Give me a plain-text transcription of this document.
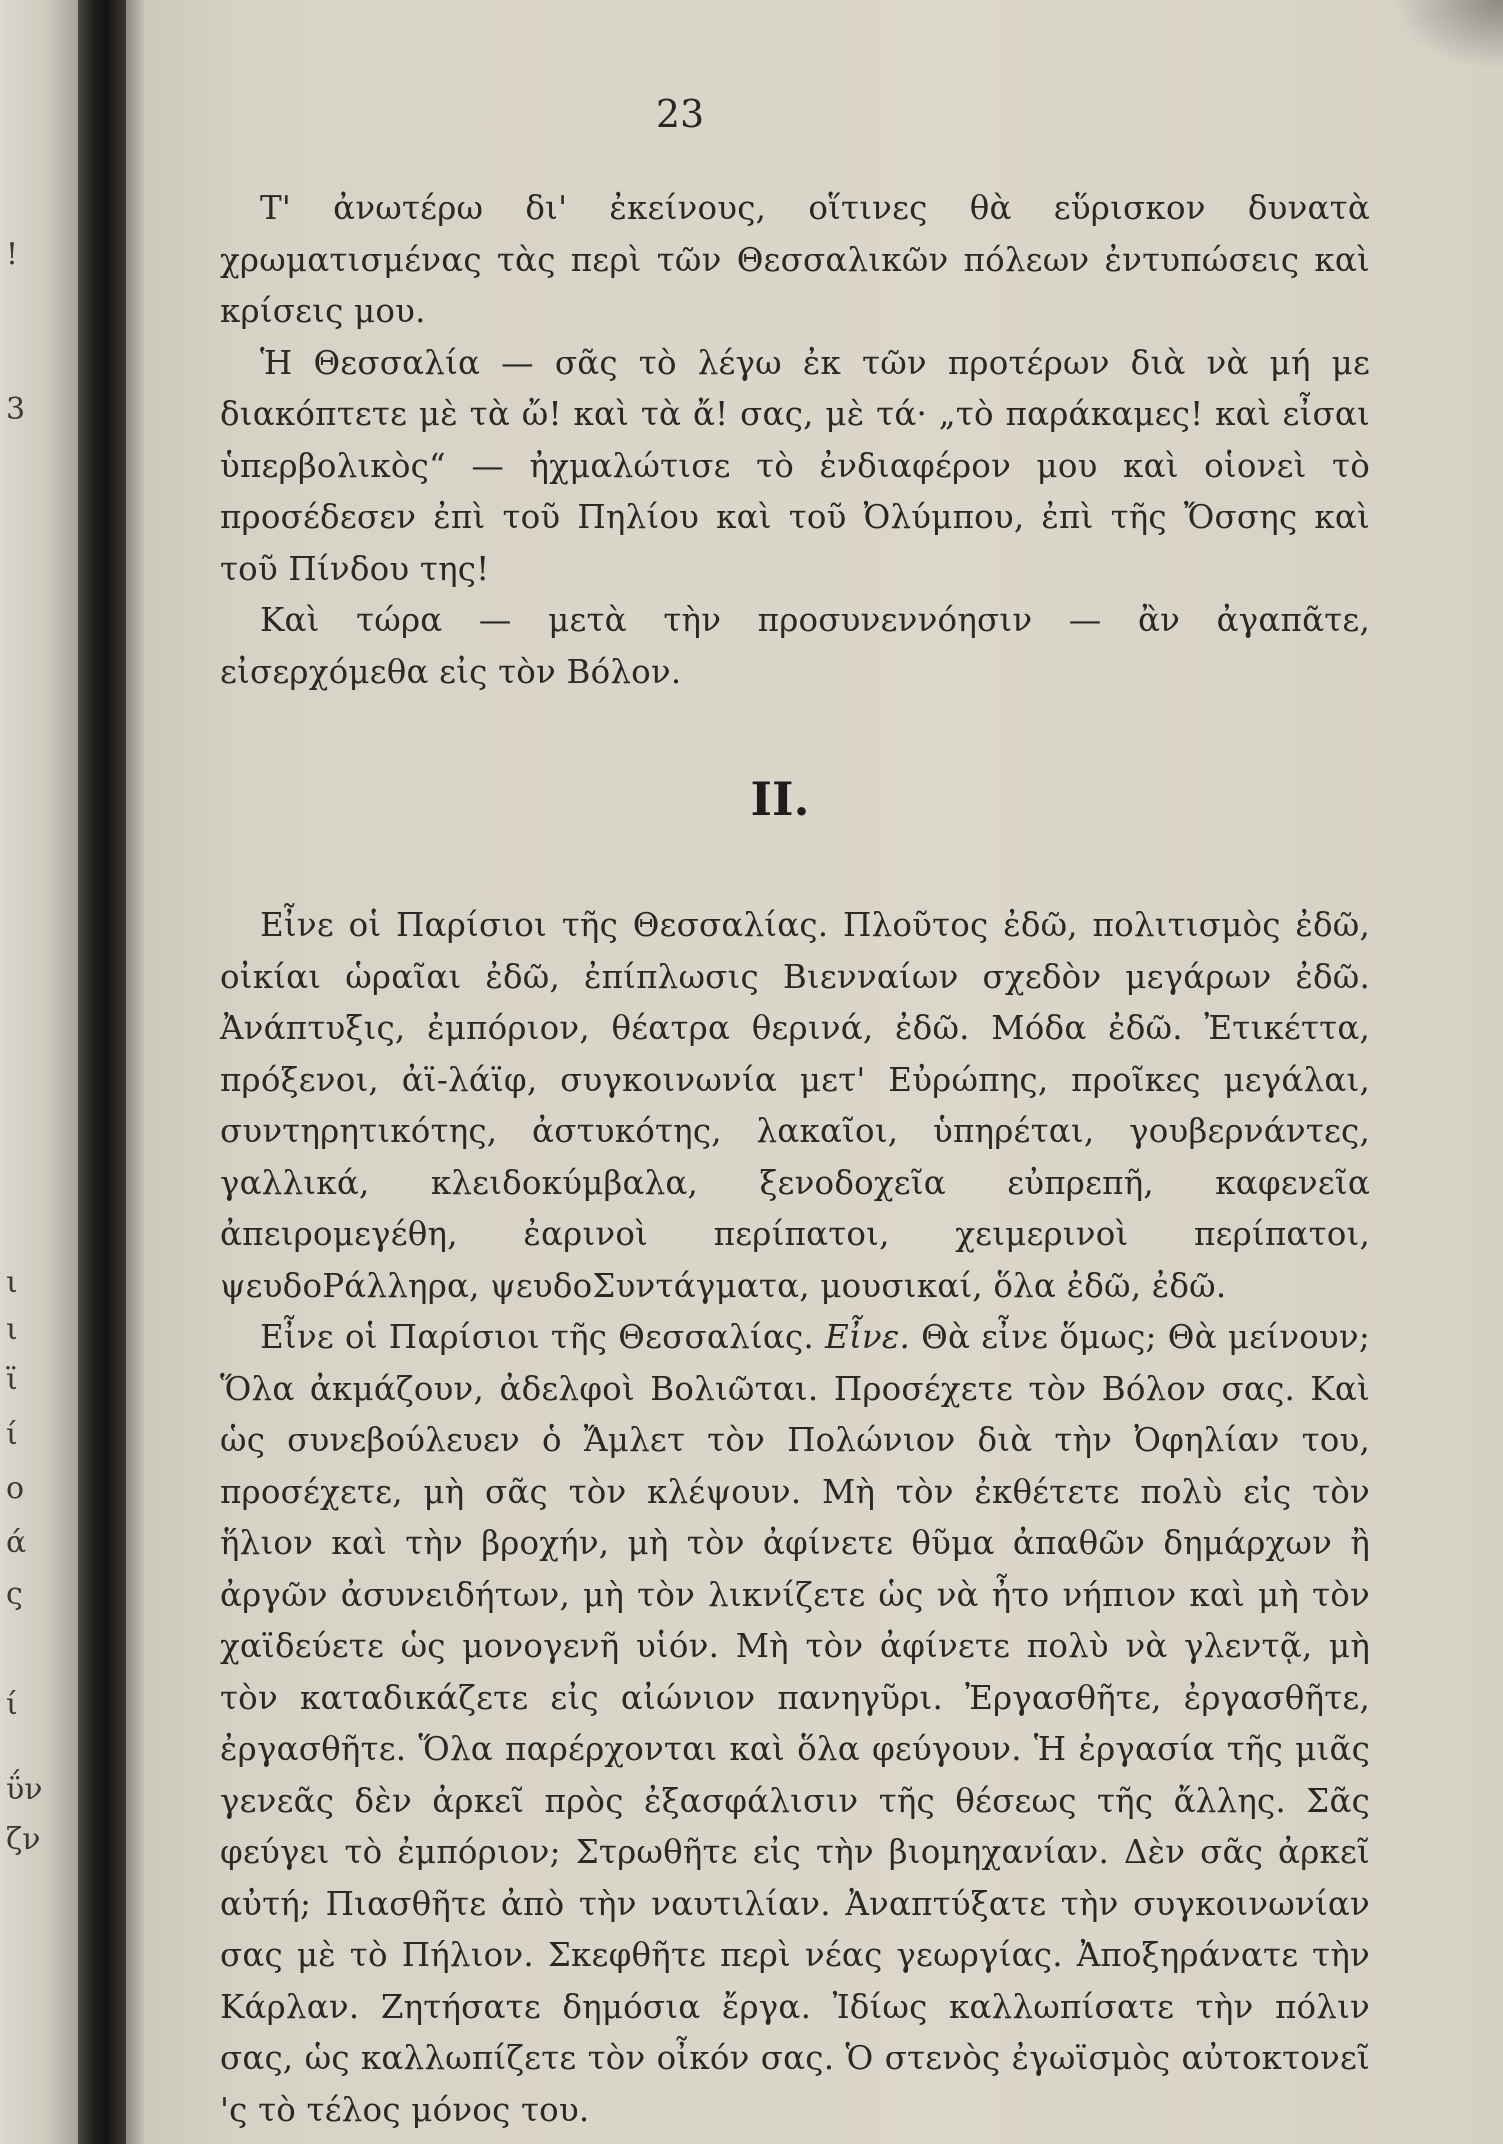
!
3
ι
ι
ϊ
ί
ο
ά
ς
ί
ΰν
ζν
23

Τ' ἀνωτέρω δι' ἐκείνους, οἵτινες θὰ εὕρισκον δυνατὰ χρωματισμένας τὰς περὶ τῶν Θεσσαλικῶν πόλεων ἐντυπώσεις καὶ κρίσεις μου.

Ἡ Θεσσαλία — σᾶς τὸ λέγω ἐκ τῶν προτέρων διὰ νὰ μή με διακόπτετε μὲ τὰ ὤ! καὶ τὰ ἄ! σας, μὲ τά· „τὸ παράκαμες! καὶ εἶσαι ὑπερβολικὸς“ — ἠχμαλώτισε τὸ ἐνδιαφέρον μου καὶ οἱονεὶ τὸ προσέδεσεν ἐπὶ τοῦ Πηλίου καὶ τοῦ Ὀλύμπου, ἐπὶ τῆς Ὄσσης καὶ τοῦ Πίνδου της!

Καὶ τώρα — μετὰ τὴν προσυνεννόησιν — ἂν ἀγαπᾶτε, εἰσερχόμεθα εἰς τὸν Βόλον.

II.

Εἶνε οἱ Παρίσιοι τῆς Θεσσαλίας. Πλοῦτος ἐδῶ, πολιτισμὸς ἐδῶ, οἰκίαι ὡραῖαι ἐδῶ, ἐπίπλωσις Βιενναίων σχεδὸν μεγάρων ἐδῶ. Ἀνάπτυξις, ἐμπόριον, θέατρα θερινά, ἐδῶ. Μόδα ἐδῶ. Ἐτικέττα, πρόξενοι, ἀϊ-λάϊφ, συγκοινωνία μετ' Εὐρώπης, προῖκες μεγάλαι, συντηρητικότης, ἀστυκότης, λακαῖοι, ὑπηρέται, γουβερνάντες, γαλλικά, κλειδοκύμβαλα, ξενοδοχεῖα εὐπρεπῆ, καφενεῖα ἀπειρομεγέθη, ἐαρινοὶ περίπατοι, χειμερινοὶ περίπατοι, ψευδοΡάλληρα, ψευδοΣυντάγματα, μουσικαί, ὅλα ἐδῶ, ἐδῶ.

Εἶνε οἱ Παρίσιοι τῆς Θεσσαλίας. Εἶνε. Θὰ εἶνε ὅμως; Θὰ μείνουν; Ὅλα ἀκμάζουν, ἀδελφοὶ Βολιῶται. Προσέχετε τὸν Βόλον σας. Καὶ ὡς συνεβούλευεν ὁ Ἄμλετ τὸν Πολώνιον διὰ τὴν Ὀφηλίαν του, προσέχετε, μὴ σᾶς τὸν κλέψουν. Μὴ τὸν ἐκθέτετε πολὺ εἰς τὸν ἥλιον καὶ τὴν βροχήν, μὴ τὸν ἀφίνετε θῦμα ἀπαθῶν δημάρχων ἢ ἀργῶν ἀσυνειδήτων, μὴ τὸν λικνίζετε ὡς νὰ ἦτο νήπιον καὶ μὴ τὸν χαϊδεύετε ὡς μονογενῆ υἱόν. Μὴ τὸν ἀφίνετε πολὺ νὰ γλεντᾷ, μὴ τὸν καταδικάζετε εἰς αἰώνιον πανηγῦρι. Ἐργασθῆτε, ἐργασθῆτε, ἐργασθῆτε. Ὅλα παρέρχονται καὶ ὅλα φεύγουν. Ἡ ἐργασία τῆς μιᾶς γενεᾶς δὲν ἀρκεῖ πρὸς ἐξασφάλισιν τῆς θέσεως τῆς ἄλλης. Σᾶς φεύγει τὸ ἐμπόριον; Στρωθῆτε εἰς τὴν βιομηχανίαν. Δὲν σᾶς ἀρκεῖ αὐτή; Πιασθῆτε ἀπὸ τὴν ναυτιλίαν. Ἀναπτύξατε τὴν συγκοινωνίαν σας μὲ τὸ Πήλιον. Σκεφθῆτε περὶ νέας γεωργίας. Ἀποξηράνατε τὴν Κάρλαν. Ζητήσατε δημόσια ἔργα. Ἰδίως καλλωπίσατε τὴν πόλιν σας, ὡς καλλωπίζετε τὸν οἶκόν σας. Ὁ στενὸς ἐγωϊσμὸς αὐτοκτονεῖ 'ς τὸ τέλος μόνος του.
